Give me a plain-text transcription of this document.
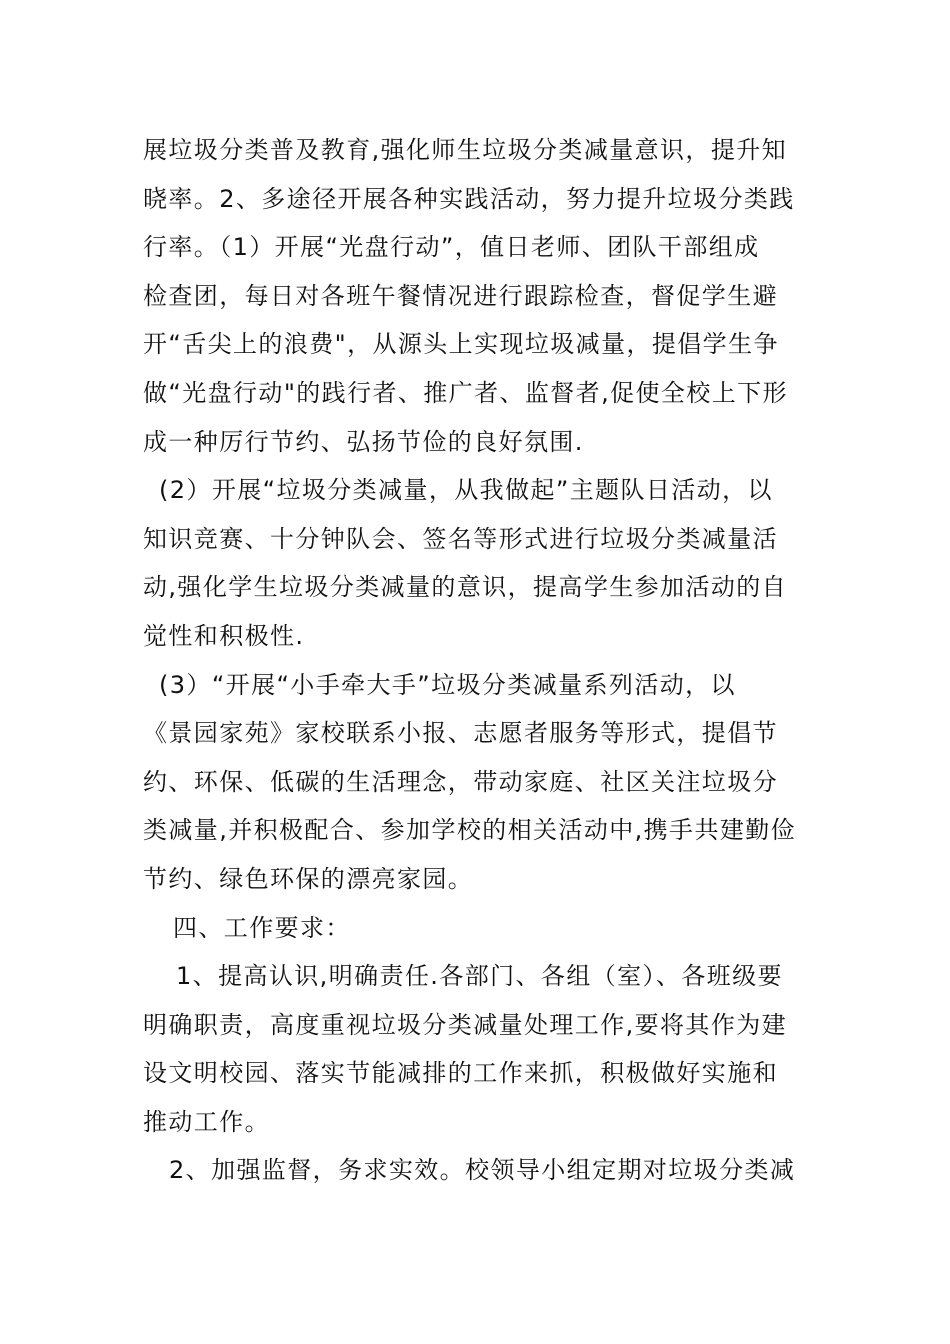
展垃圾分类普及教育,强化师生垃圾分类减量意识，提升知
晓率。2、多途径开展各种实践活动，努力提升垃圾分类践
行率。（1）开展“光盘行动”，值日老师、团队干部组成
检查团，每日对各班午餐情况进行跟踪检查，督促学生避
开“舌尖上的浪费"，从源头上实现垃圾减量，提倡学生争
做“光盘行动"的践行者、推广者、监督者,促使全校上下形
成一种厉行节约、弘扬节俭的良好氛围.
(2）开展“垃圾分类减量，从我做起”主题队日活动，以
知识竞赛、十分钟队会、签名等形式进行垃圾分类减量活
动,强化学生垃圾分类减量的意识，提高学生参加活动的自
觉性和积极性.
(3）“开展“小手牵大手”垃圾分类减量系列活动，以
《景园家苑》家校联系小报、志愿者服务等形式，提倡节
约、环保、低碳的生活理念，带动家庭、社区关注垃圾分
类减量,并积极配合、参加学校的相关活动中,携手共建勤俭
节约、绿色环保的漂亮家园。
四、工作要求：
1、提高认识,明确责任.各部门、各组（室）、各班级要
明确职责，高度重视垃圾分类减量处理工作,要将其作为建
设文明校园、落实节能减排的工作来抓，积极做好实施和
推动工作。
2、加强监督，务求实效。校领导小组定期对垃圾分类减
